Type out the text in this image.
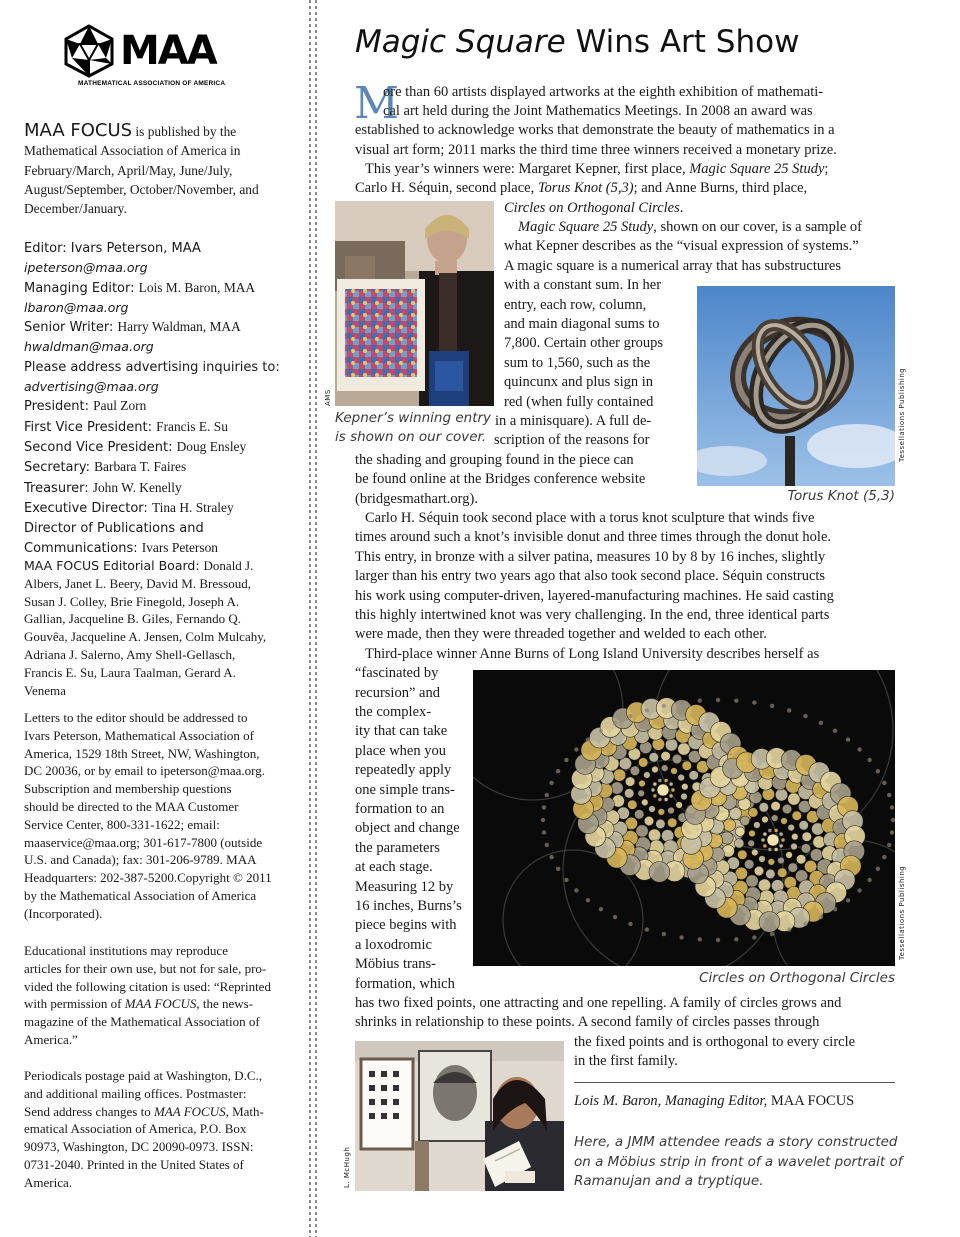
MAA
MATHEMATICAL ASSOCIATION OF AMERICA
MAA FOCUS is published by the
Mathematical Association of America in
February/March, April/May, June/July,
August/September, October/November, and
December/January.
Editor: Ivars Peterson, MAA
ipeterson@maa.org
Managing Editor: Lois M. Baron, MAA
lbaron@maa.org
Senior Writer: Harry Waldman, MAA
hwaldman@maa.org
Please address advertising inquiries to:
advertising@maa.org
President: Paul Zorn
First Vice President: Francis E. Su
Second Vice President: Doug Ensley
Secretary: Barbara T. Faires
Treasurer: John W. Kenelly
Executive Director: Tina H. Straley
Director of Publications and
Communications: Ivars Peterson
MAA FOCUS Editorial Board: Donald J.
Albers, Janet L. Beery, David M. Bressoud,
Susan J. Colley, Brie Finegold, Joseph A.
Gallian, Jacqueline B. Giles, Fernando Q.
Gouvêa, Jacqueline A. Jensen, Colm Mulcahy,
Adriana J. Salerno, Amy Shell-Gellasch,
Francis E. Su, Laura Taalman, Gerard A.
Venema
Letters to the editor should be addressed to
Ivars Peterson, Mathematical Association of
America, 1529 18th Street, NW, Washington,
DC 20036, or by email to ipeterson@maa.org.
Subscription and membership questions
should be directed to the MAA Customer
Service Center, 800-331-1622; email:
maaservice@maa.org; 301-617-7800 (outside
U.S. and Canada); fax: 301-206-9789. MAA
Headquarters: 202-387-5200.Copyright © 2011
by the Mathematical Association of America
(Incorporated).
Educational institutions may reproduce
articles for their own use, but not for sale, pro-
vided the following citation is used: “Reprinted
with permission of MAA FOCUS, the news-
magazine of the Mathematical Association of
America.”
Periodicals postage paid at Washington, D.C.,
and additional mailing offices. Postmaster:
Send address changes to MAA FOCUS, Math-
ematical Association of America, P.O. Box
90973, Washington, DC 20090-0973. ISSN:
0731-2040. Printed in the United States of
America.
Magic Square Wins Art Show
M
ore than 60 artists displayed artworks at the eighth exhibition of mathemati-
cal art held during the Joint Mathematics Meetings. In 2008 an award was
established to acknowledge works that demonstrate the beauty of mathematics in a
visual art form; 2011 marks the third time three winners received a monetary prize.
This year’s winners were: Margaret Kepner, first place, Magic Square 25 Study;
Carlo H. Séquin, second place, Torus Knot (5,3); and Anne Burns, third place,
Circles on Orthogonal Circles.
Magic Square 25 Study, shown on our cover, is a sample of
what Kepner describes as the “visual expression of systems.”
A magic square is a numerical array that has substructures
with a constant sum. In her
entry, each row, column,
and main diagonal sums to
7,800. Certain other groups
sum to 1,560, such as the
quincunx and plus sign in
red (when fully contained
in a minisquare). A full de-
scription of the reasons for
the shading and grouping found in the piece can
be found online at the Bridges conference website
(bridgesmathart.org).
Carlo H. Séquin took second place with a torus knot sculpture that winds five
times around such a knot’s invisible donut and three times through the donut hole.
This entry, in bronze with a silver patina, measures 10 by 8 by 16 inches, slightly
larger than his entry two years ago that also took second place. Séquin constructs
his work using computer-driven, layered-manufacturing machines. He said casting
this highly intertwined knot was very challenging. In the end, three identical parts
were made, then they were threaded together and welded to each other.
Third-place winner Anne Burns of Long Island University describes herself as
“fascinated by
recursion” and
the complex-
ity that can take
place when you
repeatedly apply
one simple trans-
formation to an
object and change
the parameters
at each stage.
Measuring 12 by
16 inches, Burns’s
piece begins with
a loxodromic
Möbius trans-
formation, which
has two fixed points, one attracting and one repelling. A family of circles grows and
shrinks in relationship to these points. A second family of circles passes through
the fixed points and is orthogonal to every circle
in the first family.
Lois M. Baron, Managing Editor, MAA FOCUS
AMS
Kepner’s winning entry
is shown on our cover.	Tessellations Publishing
Torus Knot (5,3)
Tessellations Publishing
Circles on Orthogonal Circles
L. McHugh
Here, a JMM attendee reads a story constructed
on a Möbius strip in front of a wavelet portrait of
Ramanujan and a tryptique.
